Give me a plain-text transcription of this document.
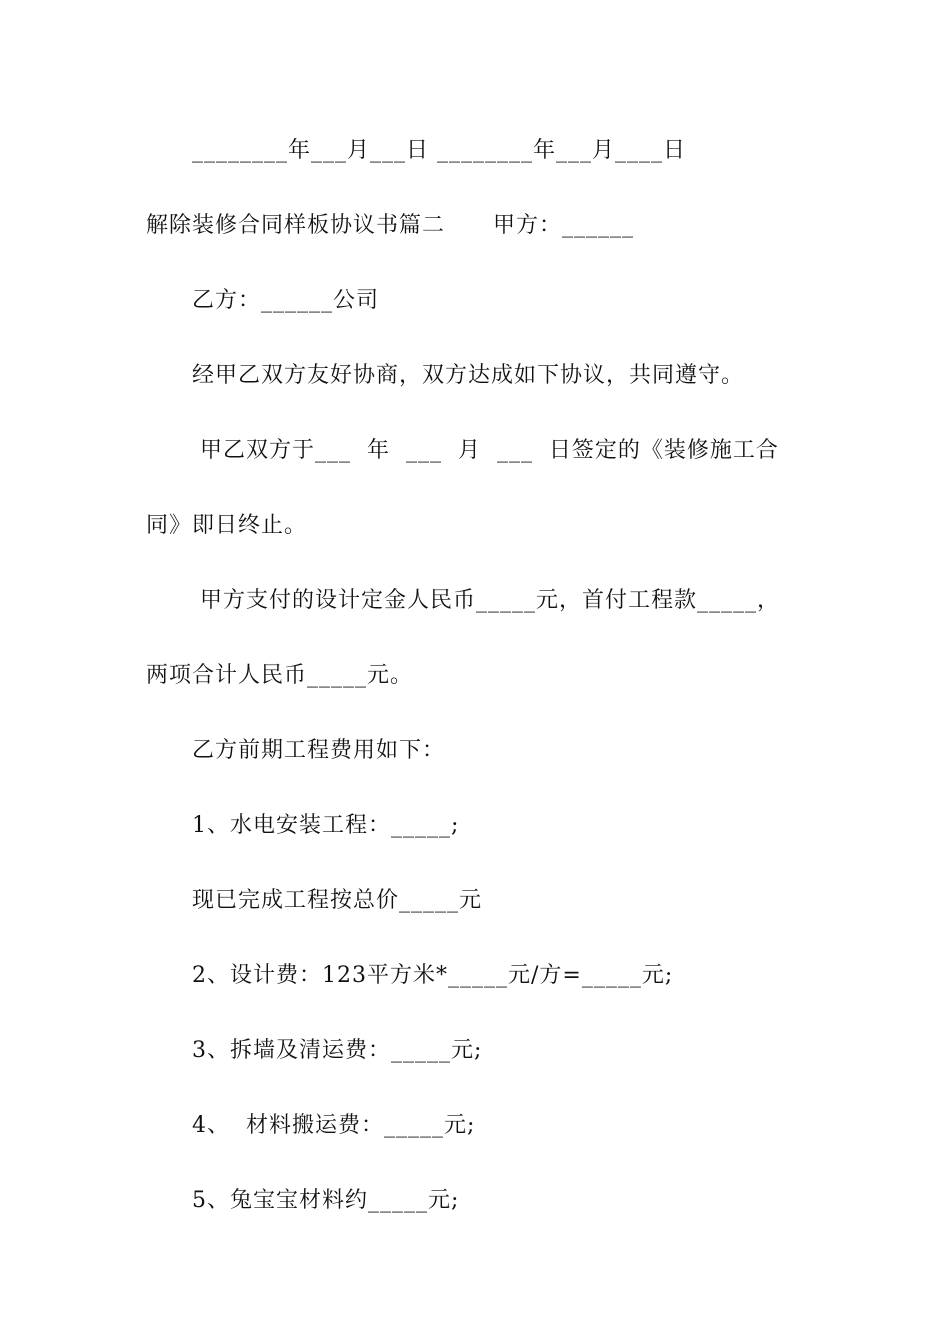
________年___月___日 ________年___月____日
解除装修合同样板协议书篇二      甲方：______
乙方：______公司
经甲乙双方友好协商，双方达成如下协议，共同遵守。
甲乙双方于___  年  ___  月  ___  日签定的《装修施工合
同》即日终止。
甲方支付的设计定金人民币_____元，首付工程款_____，
两项合计人民币_____元。
乙方前期工程费用如下：
1、水电安装工程：_____;
现已完成工程按总价_____元
2、设计费：123平方米*_____元/方=_____元;
3、拆墙及清运费：_____元;
4、  材料搬运费：_____元;
5、兔宝宝材料约_____元;
